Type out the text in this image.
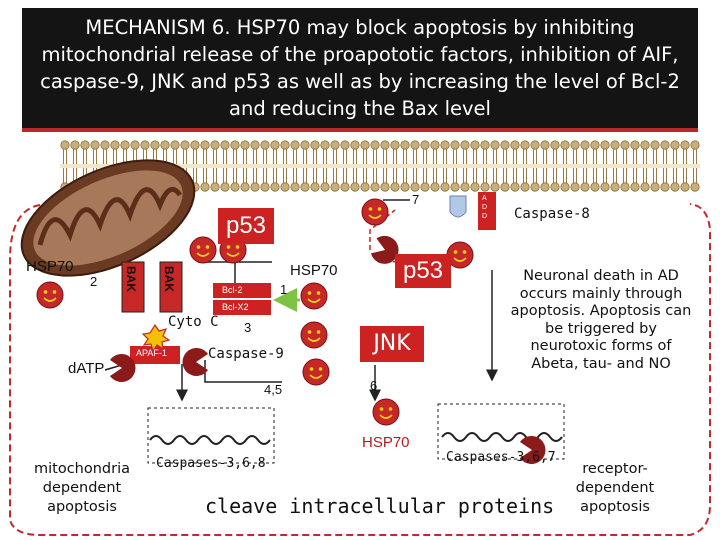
MECHANISM 6. HSP70 may block apoptosis by inhibiting mitochondrial release of the proapototic factors, inhibition of AIF, caspase-9, JNK and p53 as well as by increasing the level of Bcl-2 and reducing the Bax level
HSP70
2
p53
BAK BAK	Bcl-2
Bcl-X2
1
HSP70
Cyto C 3
APAF-1
dATP
Caspase-9
4,5
7
Caspase-8
A
D
D
p53
JNK
6
Neuronal death in AD occurs mainly through apoptosis. Apoptosis can be triggered by neurotoxic forms of Abeta, tau- and NO
HSP70
Caspases-3,6,8	Caspases-3,6,7
cleave intracellular proteins
mitochondria
dependent
apoptosis
receptor-
dependent
apoptosis
